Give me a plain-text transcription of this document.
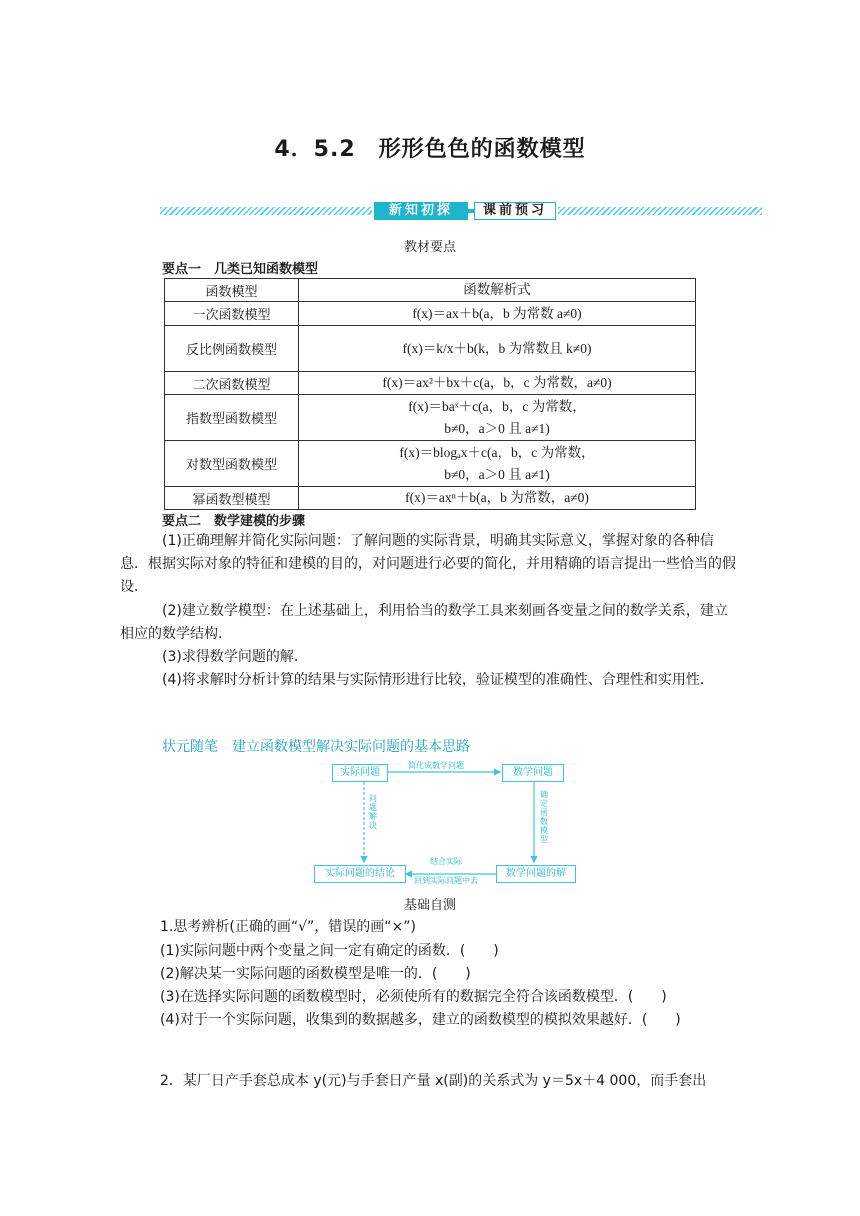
4．5.2　形形色色的函数模型
新知初探	课前预习
教材要点
要点一　几类已知函数模型
函数模型	函数解析式
一次函数模型	f(x)＝ax＋b(a，b 为常数 a≠0)
反比例函数模型	f(x)＝k/x＋b(k，b 为常数且 k≠0)
二次函数模型	f(x)＝ax²＋bx＋c(a，b，c 为常数，a≠0)
指数型函数模型	f(x)＝baˣ＋c(a，b，c 为常数，
b≠0，a＞0 且 a≠1)

对数型函数模型	f(x)＝blogₐx＋c(a，b，c 为常数，
b≠0，a＞0 且 a≠1)

幂函数型模型	f(x)＝axⁿ＋b(a，b 为常数，a≠0)
要点二　数学建模的步骤
(1)正确理解并简化实际问题：了解问题的实际背景，明确其实际意义，掌握对象的各种信息．根据实际对象的特征和建模的目的，对问题进行必要的简化，并用精确的语言提出一些恰当的假设．
(2)建立数学模型：在上述基础上，利用恰当的数学工具来刻画各变量之间的数学关系，建立相应的数学结构．
(3)求得数学问题的解．
(4)将求解时分析计算的结果与实际情形进行比较，验证模型的准确性、合理性和实用性．
状元随笔　建立函数模型解决实际问题的基本思路
实际问题	数学问题
实际问题的结论	数学问题的解
简化成数学问题
确定函数模型
问题解决
结合实际
回到实际问题中去
基础自测
1.思考辨析(正确的画“√”，错误的画“×”)
(1)实际问题中两个变量之间一定有确定的函数．(　　)
(2)解决某一实际问题的函数模型是唯一的．(　　)
(3)在选择实际问题的函数模型时，必须使所有的数据完全符合该函数模型．(　　)
(4)对于一个实际问题，收集到的数据越多，建立的函数模型的模拟效果越好．(　　)
2．某厂日产手套总成本 y(元)与手套日产量 x(副)的关系式为 y＝5x＋4 000，而手套出
